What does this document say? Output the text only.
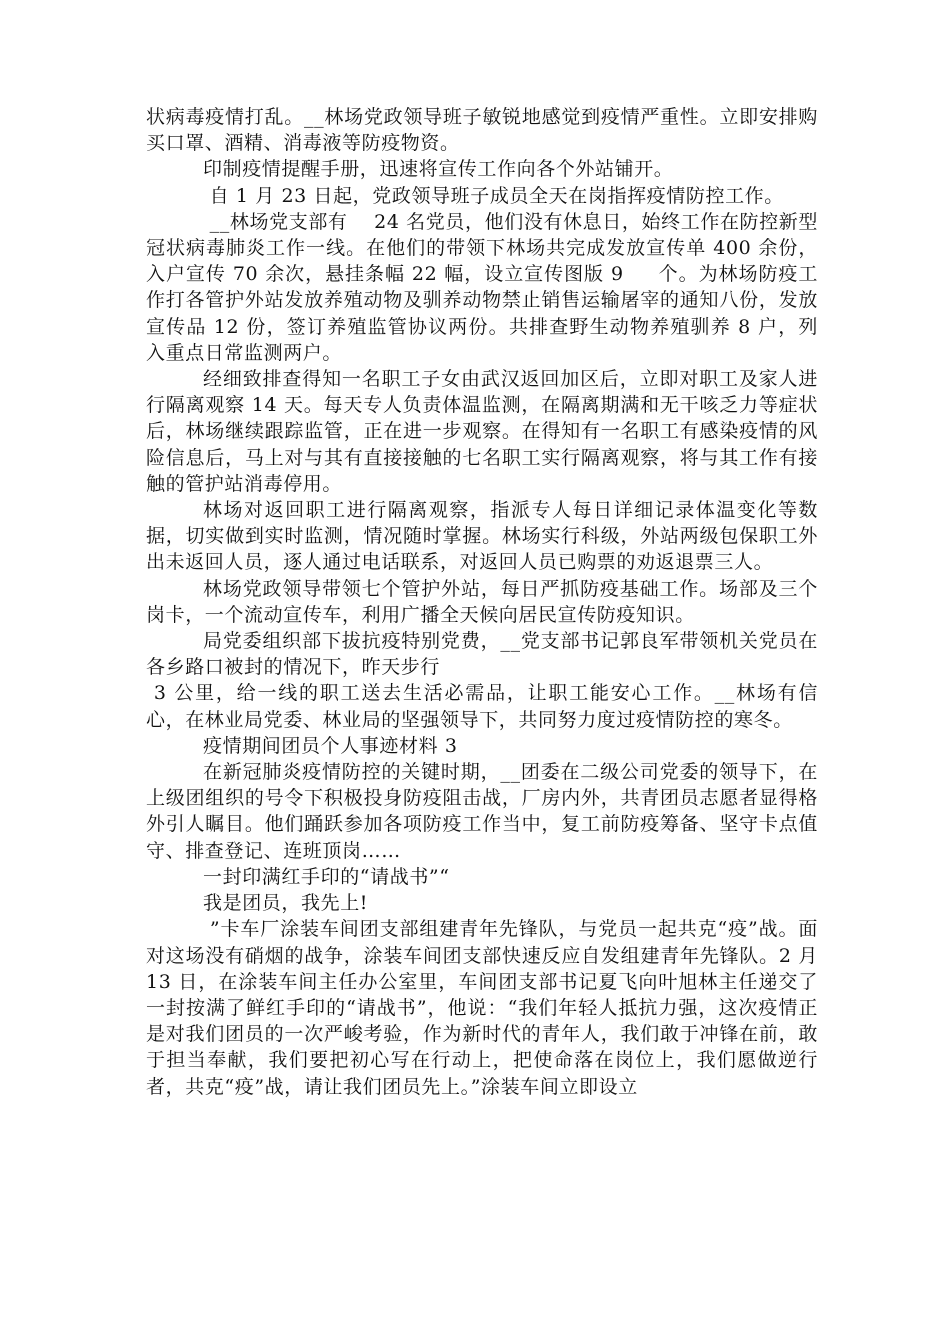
状病毒疫情打乱。__林场党政领导班子敏锐地感觉到疫情严重性。立即安排购买口罩、酒精、消毒液等防疫物资。

印制疫情提醒手册，迅速将宣传工作向各个外站铺开。

自 1 月 23 日起，党政领导班子成员全天在岗指挥疫情防控工作。

__林场党支部有    24 名党员，他们没有休息日，始终工作在防控新型冠状病毒肺炎工作一线。在他们的带领下林场共完成发放宣传单 400 余份，入户宣传 70 余次，悬挂条幅 22 幅，设立宣传图版 9     个。为林场防疫工作打各管护外站发放养殖动物及驯养动物禁止销售运输屠宰的通知八份，发放宣传品 12 份，签订养殖监管协议两份。共排查野生动物养殖驯养 8 户，列入重点日常监测两户。

经细致排查得知一名职工子女由武汉返回加区后，立即对职工及家人进行隔离观察 14 天。每天专人负责体温监测，在隔离期满和无干咳乏力等症状后，林场继续跟踪监管，正在进一步观察。在得知有一名职工有感染疫情的风险信息后，马上对与其有直接接触的七名职工实行隔离观察，将与其工作有接触的管护站消毒停用。

林场对返回职工进行隔离观察，指派专人每日详细记录体温变化等数据，切实做到实时监测，情况随时掌握。林场实行科级，外站两级包保职工外出未返回人员，逐人通过电话联系，对返回人员已购票的劝返退票三人。

林场党政领导带领七个管护外站，每日严抓防疫基础工作。场部及三个岗卡，一个流动宣传车，利用广播全天候向居民宣传防疫知识。

局党委组织部下拔抗疫特别党费，__党支部书记郭良军带领机关党员在各乡路口被封的情况下，昨天步行

3 公里，给一线的职工送去生活必需品，让职工能安心工作。__林场有信心，在林业局党委、林业局的坚强领导下，共同努力度过疫情防控的寒冬。

疫情期间团员个人事迹材料 3

在新冠肺炎疫情防控的关键时期，__团委在二级公司党委的领导下，在上级团组织的号令下积极投身防疫阻击战，厂房内外，共青团员志愿者显得格外引人瞩目。他们踊跃参加各项防疫工作当中，复工前防疫筹备、坚守卡点值守、排查登记、连班顶岗……

一封印满红手印的“请战书”“

我是团员，我先上!

”卡车厂涂装车间团支部组建青年先锋队，与党员一起共克“疫”战。面对这场没有硝烟的战争，涂装车间团支部快速反应自发组建青年先锋队。2 月 13 日，在涂装车间主任办公室里，车间团支部书记夏飞向叶旭林主任递交了一封按满了鲜红手印的“请战书”，他说：“我们年轻人抵抗力强，这次疫情正是对我们团员的一次严峻考验，作为新时代的青年人，我们敢于冲锋在前，敢于担当奉献，我们要把初心写在行动上，把使命落在岗位上，我们愿做逆行者，共克“疫”战，请让我们团员先上。”涂装车间立即设立
